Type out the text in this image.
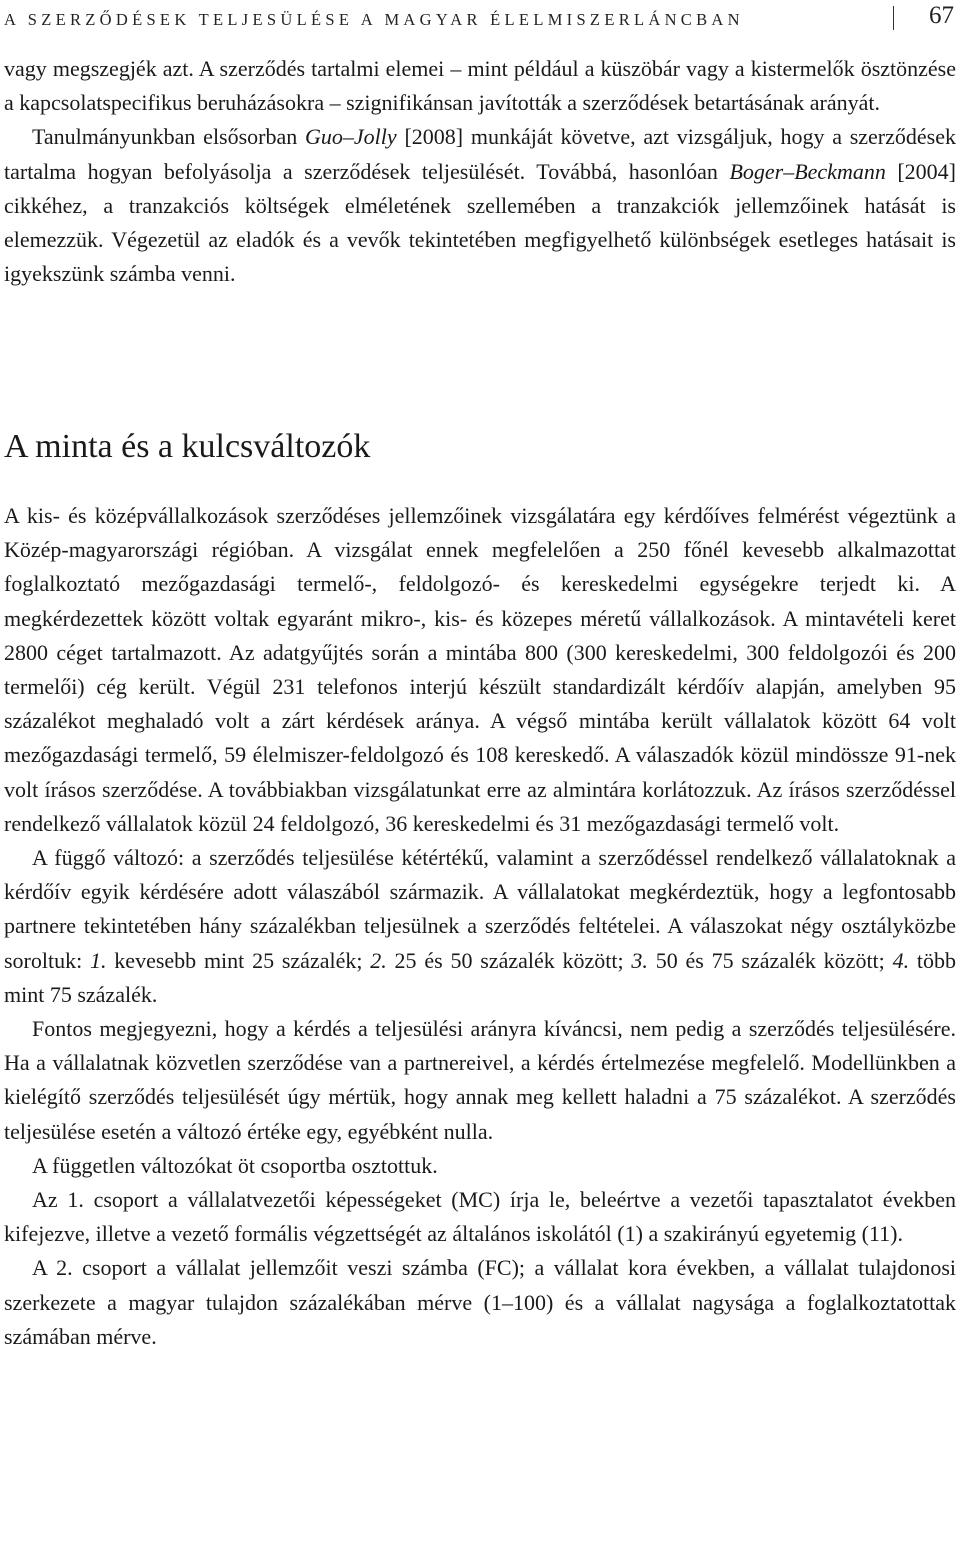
A SZERZŐDÉSEK TELJESÜLÉSE A MAGYAR ÉLELMISZERLÁNCBAN	67

vagy megszegjék azt. A szerződés tartalmi elemei – mint például a küszöbár vagy a kistermelők ösztönzése a kapcsolatspecifikus beruházásokra – szignifikánsan javították a szerződések betartásának arányát.

Tanulmányunkban elsősorban Guo–Jolly [2008] munkáját követve, azt vizsgáljuk, hogy a szerződések tartalma hogyan befolyásolja a szerződések teljesülését. Továbbá, hasonlóan Boger–Beckmann [2004] cikkéhez, a tranzakciós költségek elméletének szellemében a tranzakciók jellemzőinek hatását is elemezzük. Végezetül az eladók és a vevők tekintetében megfigyelhető különbségek esetleges hatásait is igyekszünk számba venni.

A minta és a kulcsváltozók

A kis- és középvállalkozások szerződéses jellemzőinek vizsgálatára egy kérdőíves felmérést végeztünk a Közép-magyarországi régióban. A vizsgálat ennek megfelelően a 250 főnél kevesebb alkalmazottat foglalkoztató mezőgazdasági termelő-, feldolgozó- és kereskedelmi egységekre terjedt ki. A megkérdezettek között voltak egyaránt mikro-, kis- és közepes méretű vállalkozások. A mintavételi keret 2800 céget tartalmazott. Az adatgyűjtés során a mintába 800 (300 kereskedelmi, 300 feldolgozói és 200 termelői) cég került. Végül 231 telefonos interjú készült standardizált kérdőív alapján, amelyben 95 százalékot meghaladó volt a zárt kérdések aránya. A végső mintába került vállalatok között 64 volt mezőgazdasági termelő, 59 élelmiszer-feldolgozó és 108 kereskedő. A válaszadók közül mindössze 91-nek volt írásos szerződése. A továbbiakban vizsgálatunkat erre az almintára korlátozzuk. Az írásos szerződéssel rendelkező vállalatok közül 24 feldolgozó, 36 kereskedelmi és 31 mezőgazdasági termelő volt.

A függő változó: a szerződés teljesülése kétértékű, valamint a szerződéssel rendelkező vállalatoknak a kérdőív egyik kérdésére adott válaszából származik. A vállalatokat megkérdeztük, hogy a legfontosabb partnere tekintetében hány százalékban teljesülnek a szerződés feltételei. A válaszokat négy osztályközbe soroltuk: 1. kevesebb mint 25 százalék; 2. 25 és 50 százalék között; 3. 50 és 75 százalék között; 4. több mint 75 százalék.

Fontos megjegyezni, hogy a kérdés a teljesülési arányra kíváncsi, nem pedig a szerződés teljesülésére. Ha a vállalatnak közvetlen szerződése van a partnereivel, a kérdés értelmezése megfelelő. Modellünkben a kielégítő szerződés teljesülését úgy mértük, hogy annak meg kellett haladni a 75 százalékot. A szerződés teljesülése esetén a változó értéke egy, egyébként nulla.

A független változókat öt csoportba osztottuk.

Az 1. csoport a vállalatvezetői képességeket (MC) írja le, beleértve a vezetői tapasztalatot években kifejezve, illetve a vezető formális végzettségét az általános iskolától (1) a szakirányú egyetemig (11).

A 2. csoport a vállalat jellemzőit veszi számba (FC); a vállalat kora években, a vállalat tulajdonosi szerkezete a magyar tulajdon százalékában mérve (1–100) és a vállalat nagysága a foglalkoztatottak számában mérve.
